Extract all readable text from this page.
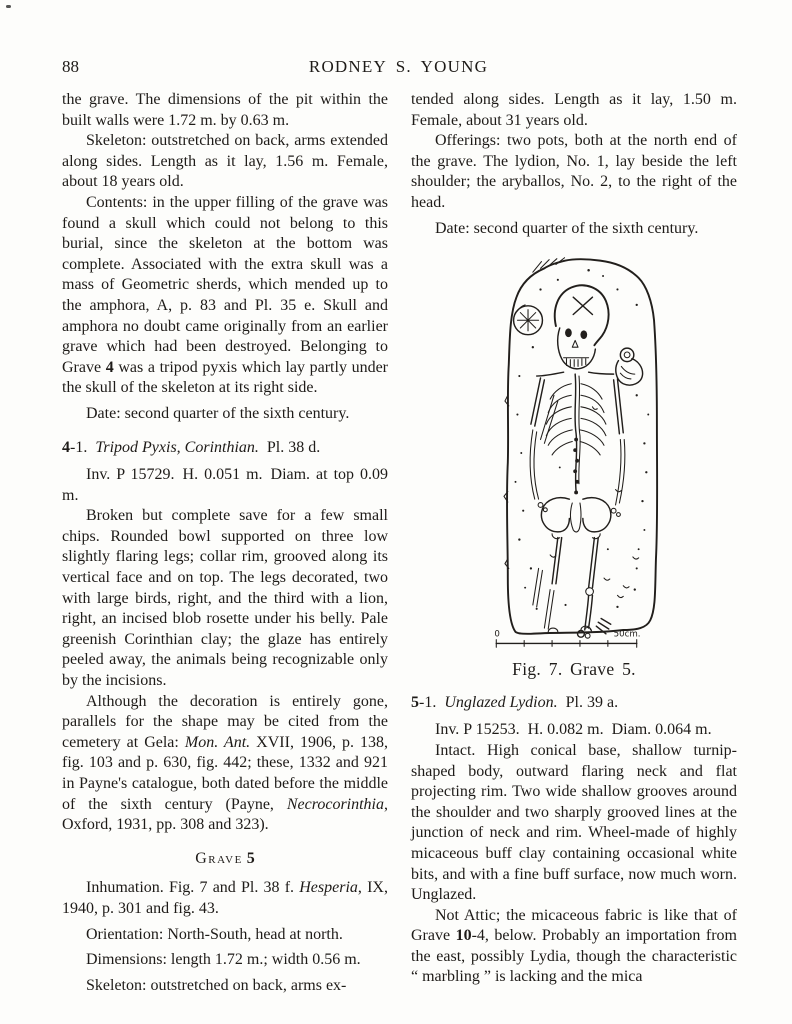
88	RODNEY S. YOUNG

the grave. The dimensions of the pit within the built walls were 1.72 m. by 0.63 m.

Skeleton: outstretched on back, arms extended along sides. Length as it lay, 1.56 m. Female, about 18 years old.

Contents: in the upper filling of the grave was found a skull which could not belong to this burial, since the skeleton at the bottom was complete. Associated with the extra skull was a mass of Geometric sherds, which mended up to the amphora, A, p. 83 and Pl. 35 e. Skull and amphora no doubt came originally from an earlier grave which had been destroyed. Belonging to Grave 4 was a tripod pyxis which lay partly under the skull of the skeleton at its right side.

Date: second quarter of the sixth century.

4-1. Tripod Pyxis, Corinthian. Pl. 38 d.

Inv. P 15729. H. 0.051 m. Diam. at top 0.09 m.

Broken but complete save for a few small chips. Rounded bowl supported on three low slightly flaring legs; collar rim, grooved along its vertical face and on top. The legs decorated, two with large birds, right, and the third with a lion, right, an incised blob rosette under his belly. Pale greenish Corinthian clay; the glaze has entirely peeled away, the animals being recognizable only by the incisions.

Although the decoration is entirely gone, parallels for the shape may be cited from the cemetery at Gela: Mon. Ant. XVII, 1906, p. 138, fig. 103 and p. 630, fig. 442; these, 1332 and 921 in Payne's catalogue, both dated before the middle of the sixth century (Payne, Necrocorinthia, Oxford, 1931, pp. 308 and 323).

Grave 5

Inhumation. Fig. 7 and Pl. 38 f. Hesperia, IX, 1940, p. 301 and fig. 43.

Orientation: North-South, head at north.

Dimensions: length 1.72 m.; width 0.56 m.

Skeleton: outstretched on back, arms ex-

tended along sides. Length as it lay, 1.50 m. Female, about 31 years old.

Offerings: two pots, both at the north end of the grave. The lydion, No. 1, lay beside the left shoulder; the aryballos, No. 2, to the right of the head.

Date: second quarter of the sixth century.

0	50cm.
Fig. 7. Grave 5.
5-1. Unglazed Lydion. Pl. 39 a.

Inv. P 15253. H. 0.082 m. Diam. 0.064 m.

Intact. High conical base, shallow turnip-shaped body, outward flaring neck and flat projecting rim. Two wide shallow grooves around the shoulder and two sharply grooved lines at the junction of neck and rim. Wheel-made of highly micaceous buff clay containing occasional white bits, and with a fine buff surface, now much worn. Unglazed.

Not Attic; the micaceous fabric is like that of Grave 10-4, below. Probably an importation from the east, possibly Lydia, though the characteristic “ marbling ” is lacking and the mica
